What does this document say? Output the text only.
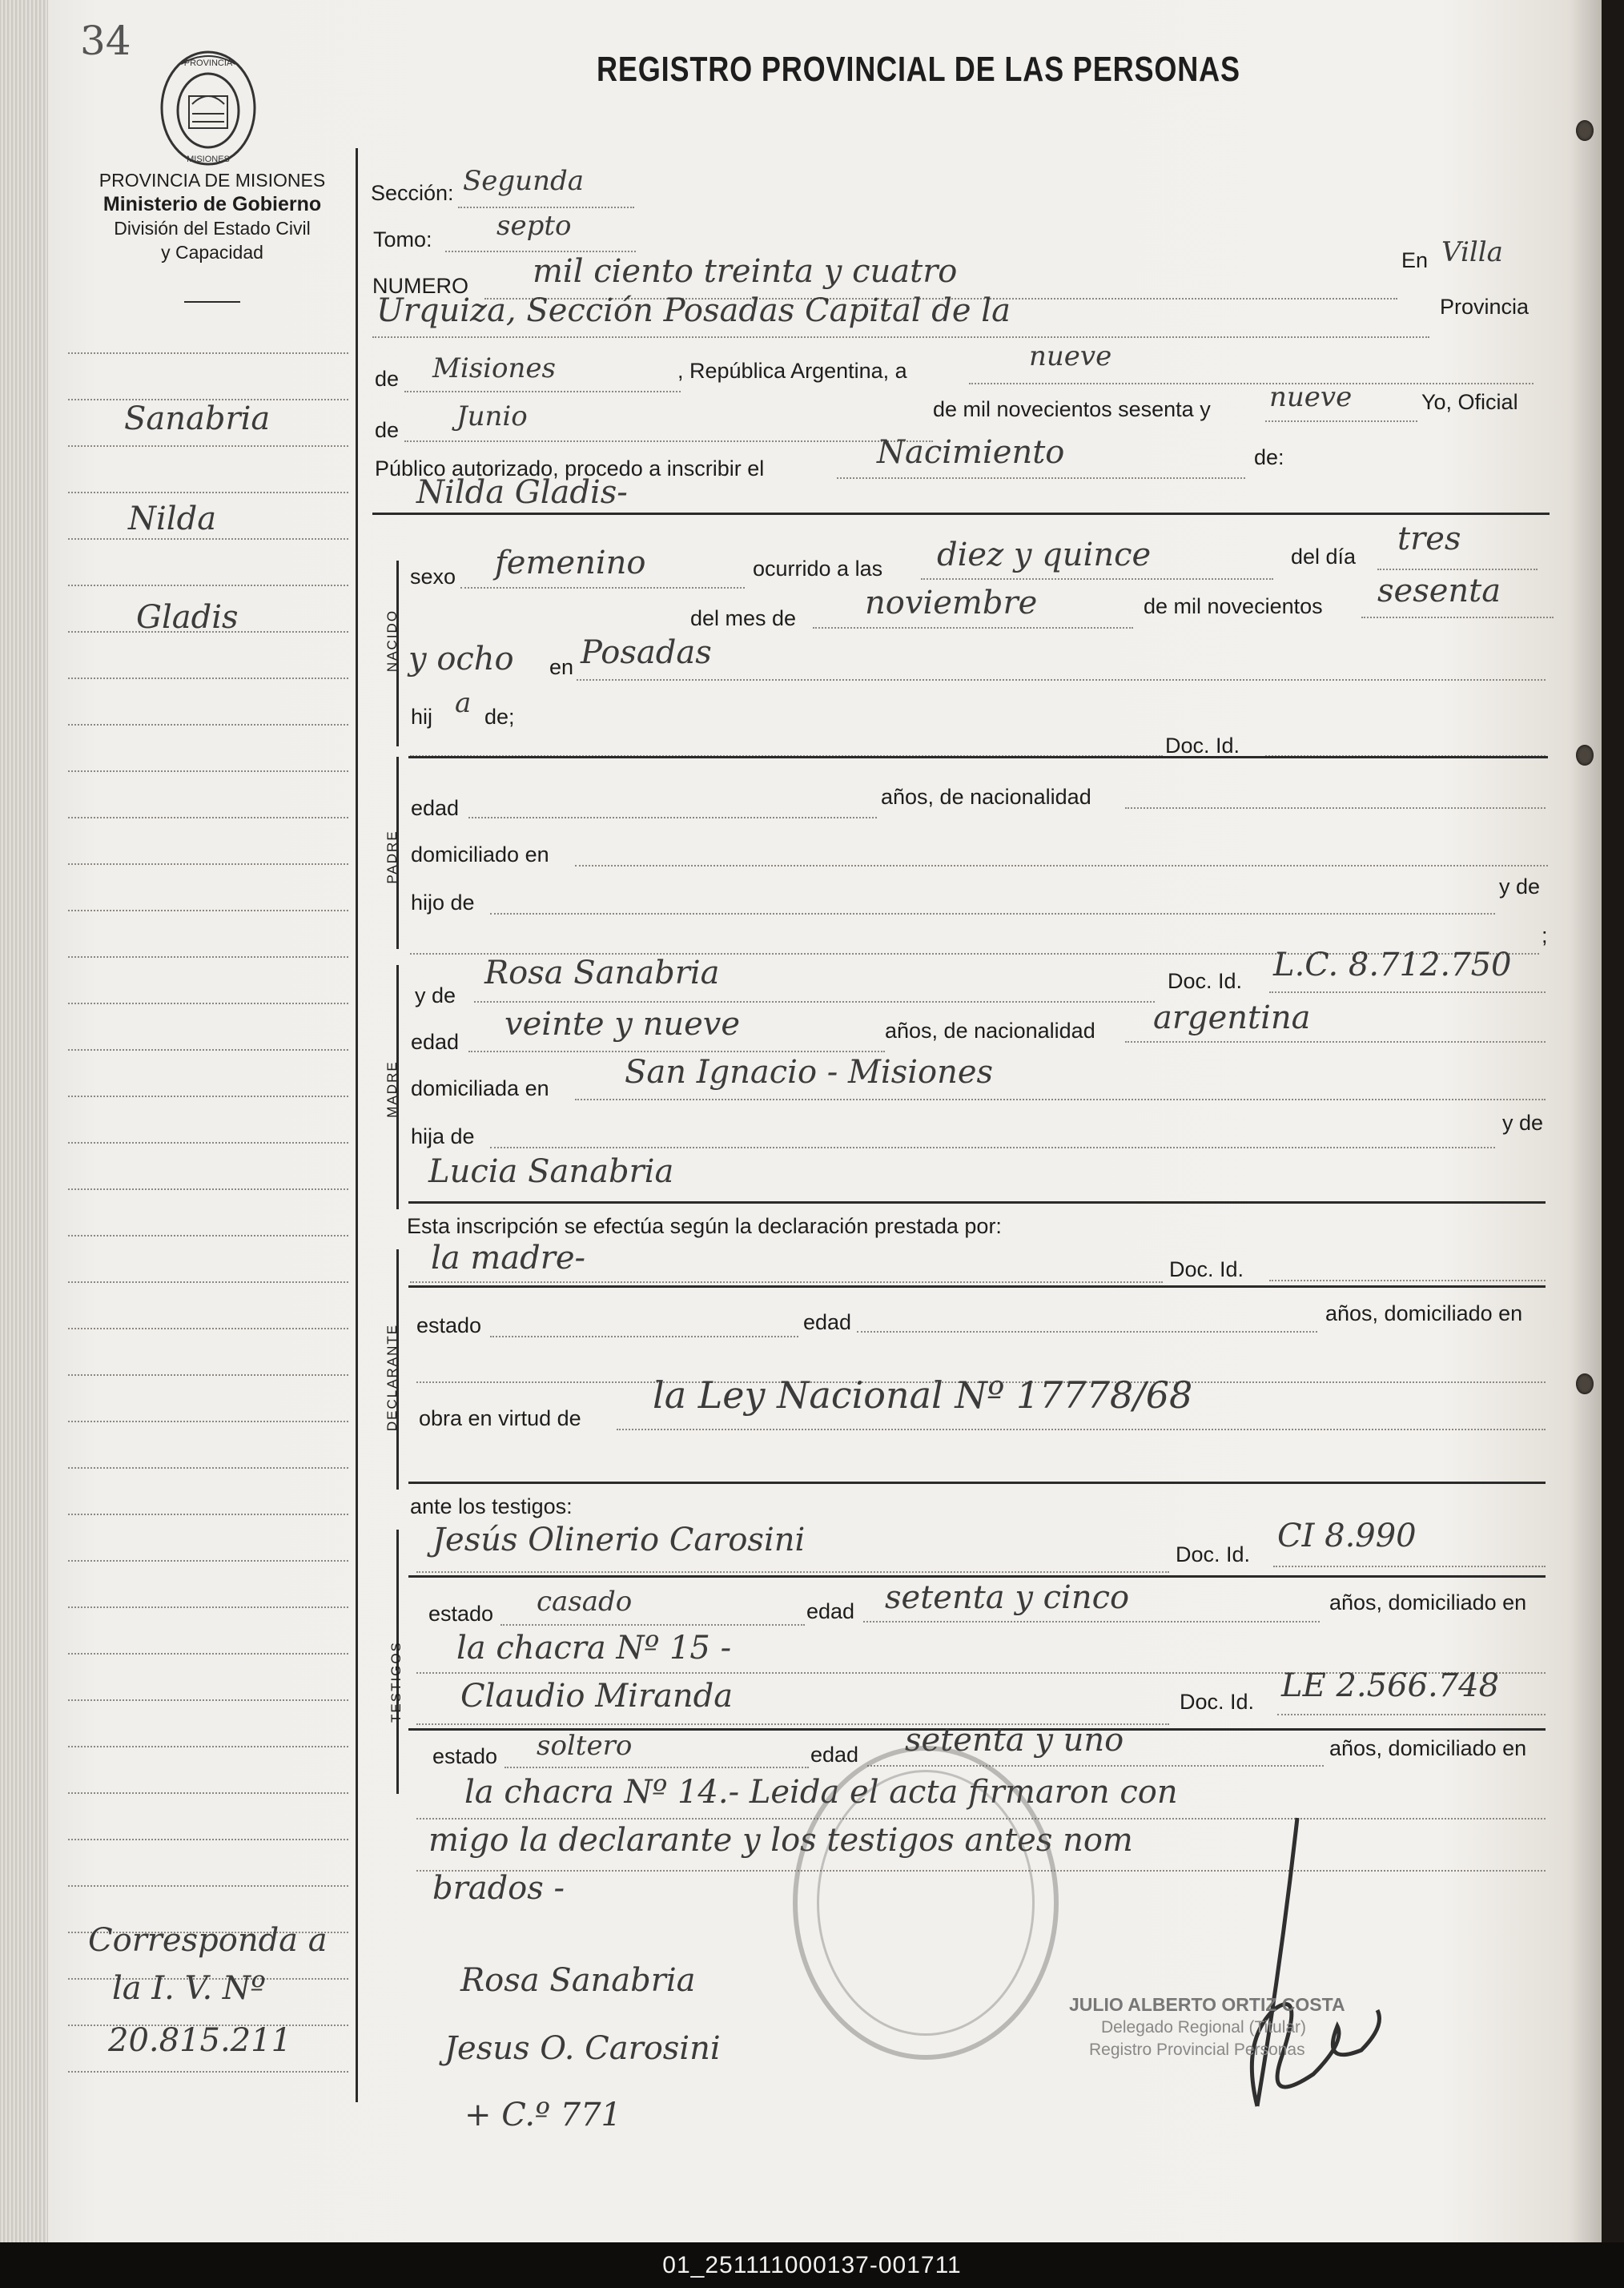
34	PROVINCIA
MISIONES
PROVINCIA DE MISIONES
Ministerio de Gobierno
División del Estado Civil
y Capacidad
REGISTRO PROVINCIAL DE LAS PERSONAS
Sanabria
Nilda
Gladis
Corresponda a
la I. V. Nº
20.815.211
Sección: Segunda
Tomo: septo
NUMERO mil ciento treinta y cuatro	En Villa
Urquiza, Sección Posadas Capital de la	Provincia
de Misiones	, República Argentina, a	nueve
de Junio	de mil novecientos sesenta y nueve	Yo, Oficial
Público autorizado, procedo a inscribir el	Nacimiento	de:
Nilda Gladis-
NACIDO
sexo femenino	ocurrido a las diez y quince	del día tres
del mes de noviembre	de mil novecientos sesenta
y ocho en Posadas
hij a de;
Doc. Id.
PADRE
edad	años, de nacionalidad
domiciliado en
hijo de
y de
;
MADRE
y de
Rosa Sanabria	Doc. Id. L.C. 8.712.750
edad veinte y nueve	años, de nacionalidad argentina
domiciliada en San Ignacio - Misiones
hija de
y de
Lucia Sanabria
Esta inscripción se efectúa según la declaración prestada por:
DECLARANTE
la madre-	Doc. Id.
estado	edad	años, domiciliado en
obra en virtud de
la Ley Nacional Nº 17778/68
ante los testigos:
TESTIGOS
Jesús Olinerio Carosini	Doc. Id. CI 8.990
estado casado	edad setenta y cinco	años, domiciliado en
la chacra Nº 15 -
Claudio Miranda	Doc. Id. LE 2.566.748
estado soltero	edad setenta y uno	años, domiciliado en
la chacra Nº 14.- Leida el acta firmaron con
migo la declarante y los testigos antes nom
brados -
Rosa Sanabria
Jesus O. Carosini
+ C.º 771
JULIO ALBERTO ORTIZ COSTA
Delegado Regional (Titular)
Registro Provincial Personas
01_251111000137-001711
